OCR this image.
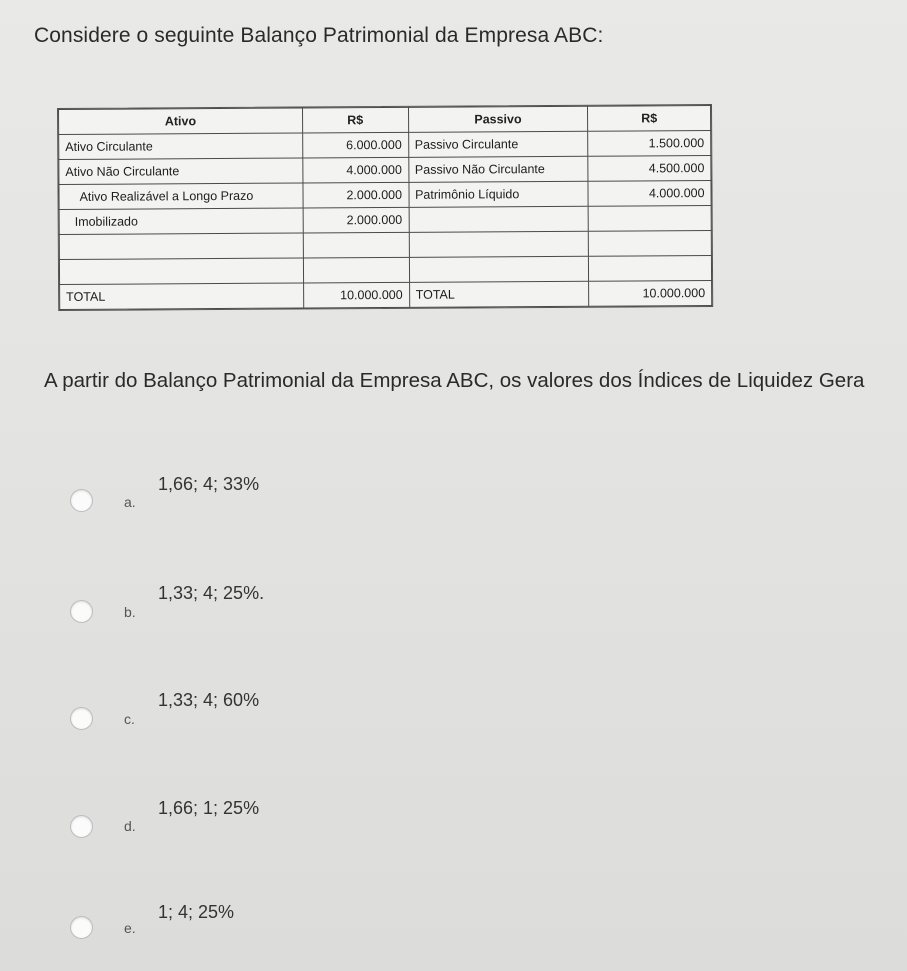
Considere o seguinte Balanço Patrimonial da Empresa ABC:
Ativo	R$	Passivo	R$
Ativo Circulante	6.000.000	Passivo Circulante	1.500.000
Ativo Não Circulante	4.000.000	Passivo Não Circulante	4.500.000
Ativo Realizável a Longo Prazo	2.000.000	Patrimônio Líquido	4.000.000
Imobilizado	2.000.000		

TOTAL	10.000.000	TOTAL	10.000.000
A partir do Balanço Patrimonial da Empresa ABC, os valores dos Índices de Liquidez Gera
a.
1,66; 4; 33%
b.
1,33; 4; 25%.
c.
1,33; 4; 60%
d.
1,66; 1; 25%
e.
1; 4; 25%
